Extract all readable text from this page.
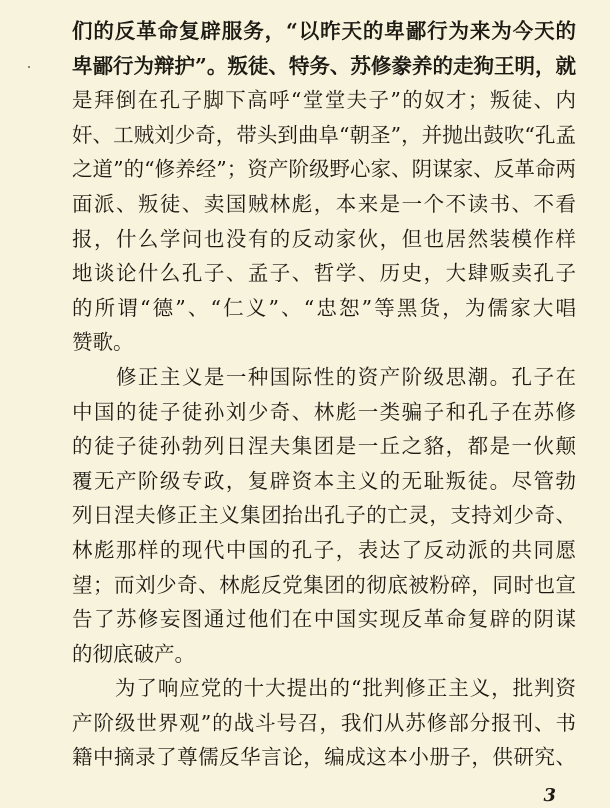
们的反革命复辟服务，“以昨天的卑鄙行为来为今天的
卑鄙行为辩护”。叛徒、特务、苏修豢养的走狗王明，就
是拜倒在孔子脚下高呼“堂堂夫子”的奴才；叛徒、内
奸、工贼刘少奇，带头到曲阜“朝圣”，并抛出鼓吹“孔孟
之道”的“修养经”；资产阶级野心家、阴谋家、反革命两
面派、叛徒、卖国贼林彪，本来是一个不读书、不看
报，什么学问也没有的反动家伙，但也居然装模作样
地谈论什么孔子、孟子、哲学、历史，大肆贩卖孔子
的所谓“德”、“仁义”、“忠恕”等黑货，为儒家大唱
赞歌。
　　修正主义是一种国际性的资产阶级思潮。孔子在
中国的徒子徒孙刘少奇、林彪一类骗子和孔子在苏修
的徒子徒孙勃列日涅夫集团是一丘之貉，都是一伙颠
覆无产阶级专政，复辟资本主义的无耻叛徒。尽管勃
列日涅夫修正主义集团抬出孔子的亡灵，支持刘少奇、
林彪那样的现代中国的孔子，表达了反动派的共同愿
望；而刘少奇、林彪反党集团的彻底被粉碎，同时也宣
告了苏修妄图通过他们在中国实现反革命复辟的阴谋
的彻底破产。
　　为了响应党的十大提出的“批判修正主义，批判资
产阶级世界观”的战斗号召，我们从苏修部分报刊、书
籍中摘录了尊儒反华言论，编成这本小册子，供研究、
3
